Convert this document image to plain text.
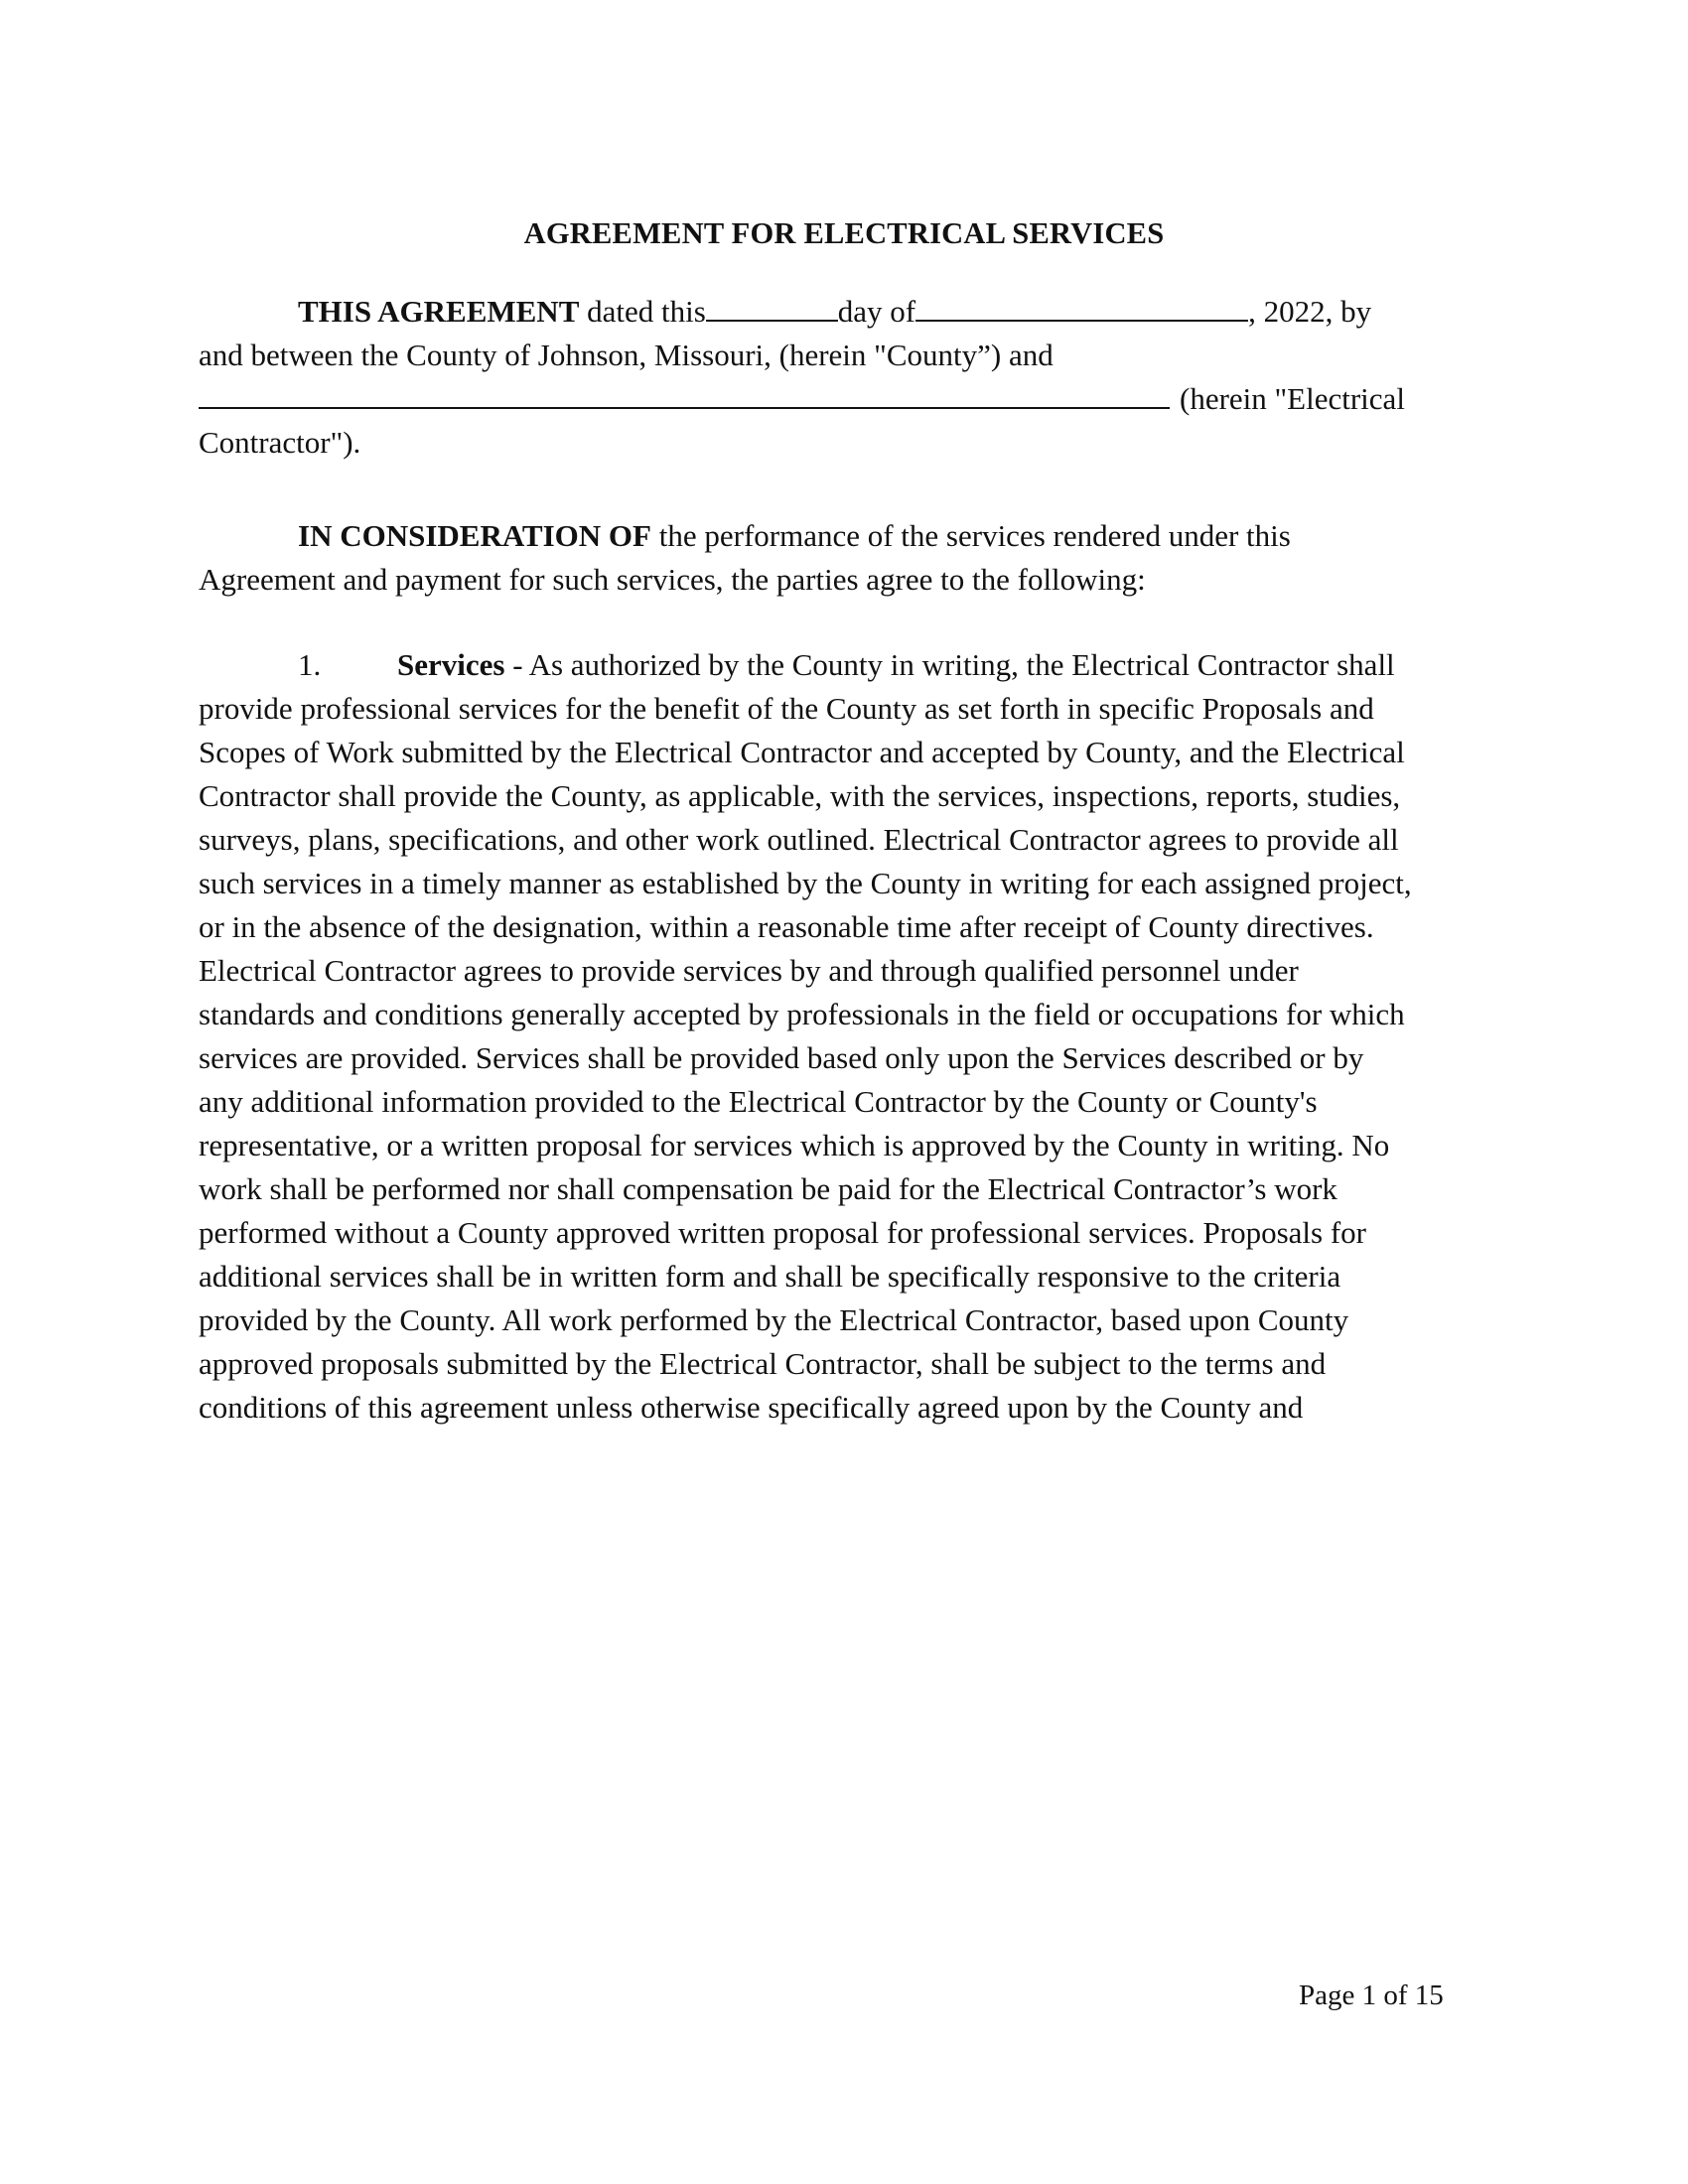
AGREEMENT FOR ELECTRICAL SERVICES
THIS AGREEMENT dated this	day of	, 2022, by
and between the County of Johnson, Missouri, (herein "County”) and
(herein "Electrical
Contractor").
IN CONSIDERATION OF the performance of the services rendered under this
Agreement and payment for such services, the parties agree to the following:
1. Services - As authorized by the County in writing, the Electrical Contractor shall
provide professional services for the benefit of the County as set forth in specific Proposals and
Scopes of Work submitted by the Electrical Contractor and accepted by County, and the Electrical
Contractor shall provide the County, as applicable, with the services, inspections, reports, studies,
surveys, plans, specifications, and other work outlined. Electrical Contractor agrees to provide all
such services in a timely manner as established by the County in writing for each assigned project,
or in the absence of the designation, within a reasonable time after receipt of County directives.
Electrical Contractor agrees to provide services by and through qualified personnel under
standards and conditions generally accepted by professionals in the field or occupations for which
services are provided. Services shall be provided based only upon the Services described or by
any additional information provided to the Electrical Contractor by the County or County's
representative, or a written proposal for services which is approved by the County in writing. No
work shall be performed nor shall compensation be paid for the Electrical Contractor’s work
performed without a County approved written proposal for professional services. Proposals for
additional services shall be in written form and shall be specifically responsive to the criteria
provided by the County. All work performed by the Electrical Contractor, based upon County
approved proposals submitted by the Electrical Contractor, shall be subject to the terms and
conditions of this agreement unless otherwise specifically agreed upon by the County and
Page 1 of 15
